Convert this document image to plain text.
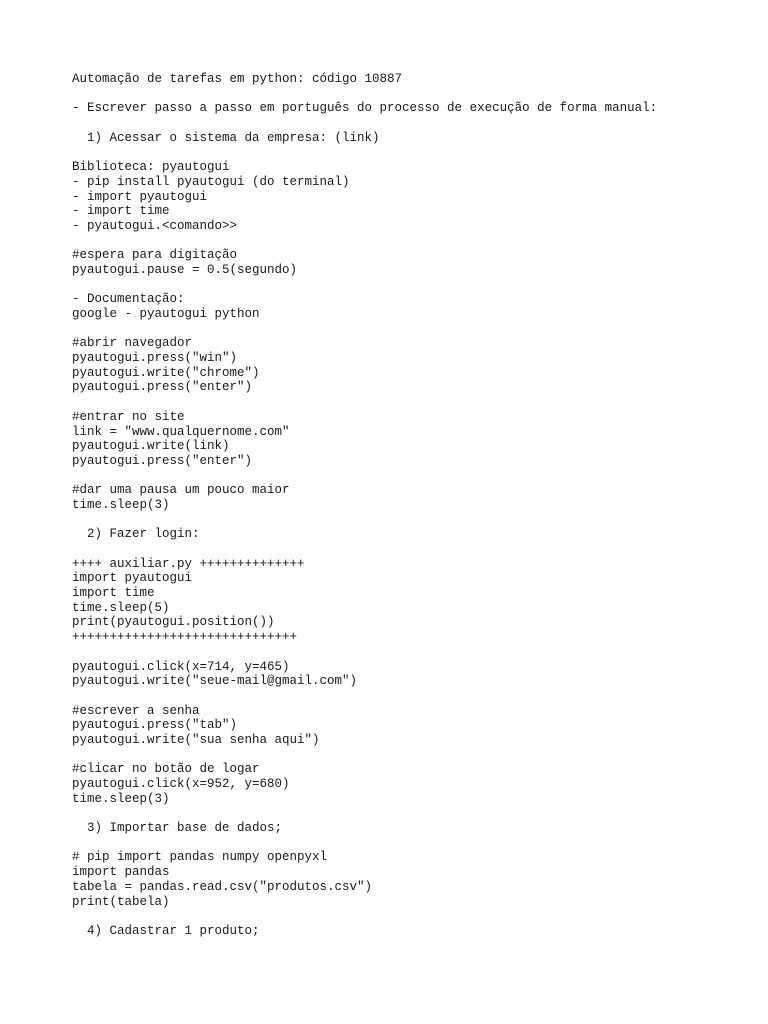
Automação de tarefas em python: código 10887
- Escrever passo a passo em português do processo de execução de forma manual:
1) Acessar o sistema da empresa: (link)
Biblioteca: pyautogui
- pip install pyautogui (do terminal)
- import pyautogui
- import time
- pyautogui.<comando>>
#espera para digitação
pyautogui.pause = 0.5(segundo)
- Documentação:
google - pyautogui python
#abrir navegador
pyautogui.press("win")
pyautogui.write("chrome")
pyautogui.press("enter")
#entrar no site
link = "www.qualquernome.com"
pyautogui.write(link)
pyautogui.press("enter")
#dar uma pausa um pouco maior
time.sleep(3)
2) Fazer login:
++++ auxiliar.py ++++++++++++++
import pyautogui
import time
time.sleep(5)
print(pyautogui.position())
++++++++++++++++++++++++++++++
pyautogui.click(x=714, y=465)
pyautogui.write("seue-mail@gmail.com")
#escrever a senha
pyautogui.press("tab")
pyautogui.write("sua senha aqui")
#clicar no botão de logar
pyautogui.click(x=952, y=680)
time.sleep(3)
3) Importar base de dados;
# pip import pandas numpy openpyxl
import pandas
tabela = pandas.read.csv("produtos.csv")
print(tabela)
4) Cadastrar 1 produto;
